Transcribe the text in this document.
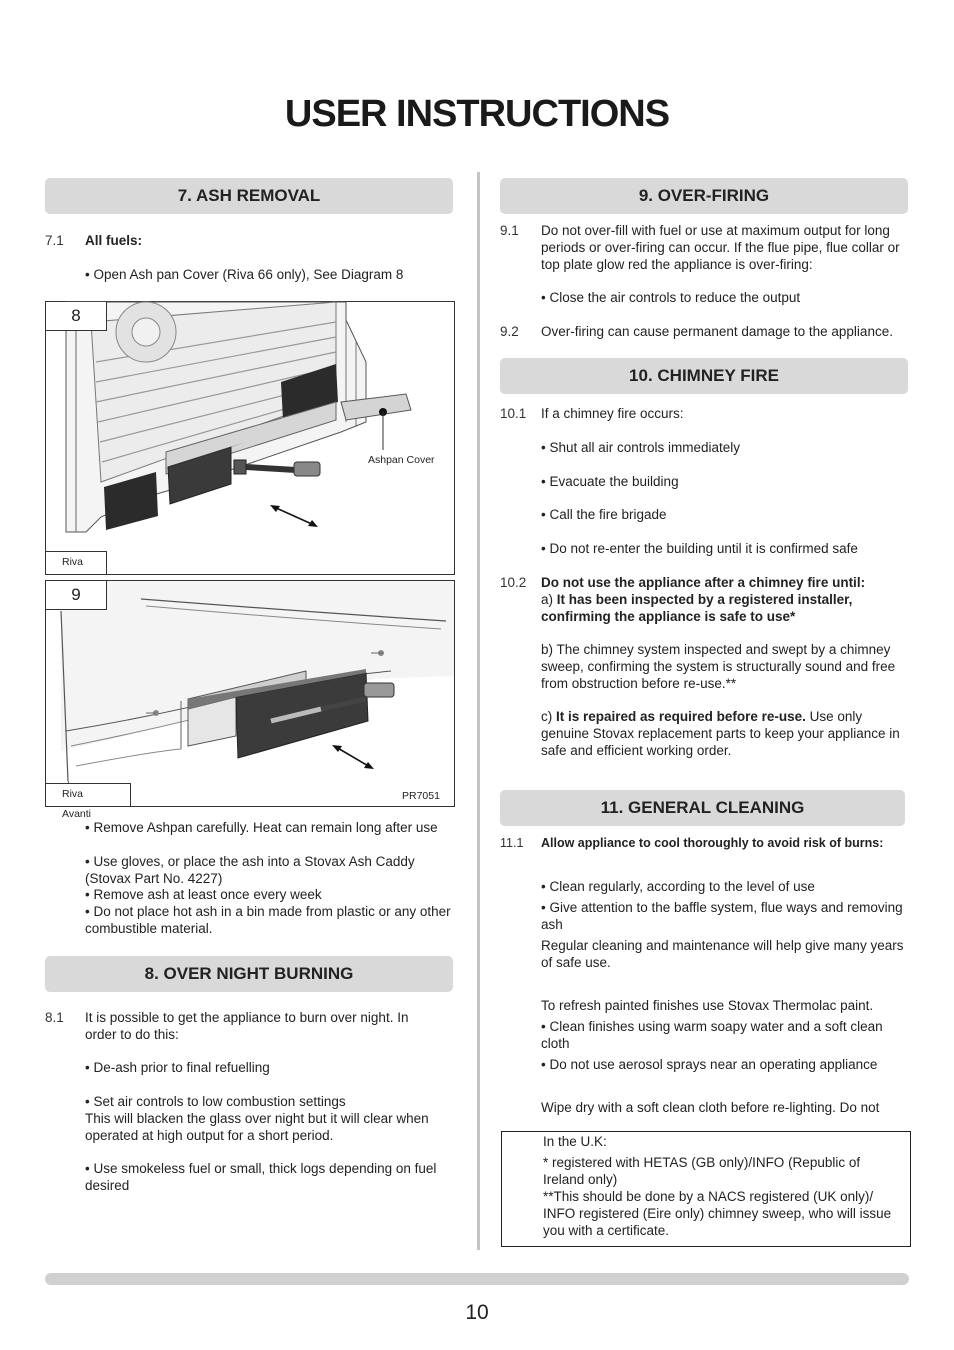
USER INSTRUCTIONS
7. ASH REMOVAL
7.1	All fuels:
• Open Ash pan Cover (Riva 66 only), See Diagram 8
8
Ashpan Cover
Riva
9
Riva Avanti
PR7051
• Remove Ashpan carefully. Heat can remain long after use
• Use gloves, or place the ash into a Stovax Ash Caddy (Stovax Part No. 4227)
• Remove ash at least once every week
• Do not place hot ash in a bin made from plastic or any other combustible material.
8. OVER NIGHT BURNING
8.1	It is possible to get the appliance to burn over night. In order to do this:
• De-ash prior to final refuelling
• Set air controls to low combustion settings
This will blacken the glass over night but it will clear when operated at high output for a short period.
• Use smokeless fuel or small, thick logs depending on fuel desired
9. OVER-FIRING
9.1	Do not over-fill with fuel or use at maximum output for long periods or over-firing can occur. If the flue pipe, flue collar or top plate glow red the appliance is over-firing:
• Close the air controls to reduce the output
9.2	Over-firing can cause permanent damage to the appliance.
10. CHIMNEY FIRE
10.1	If a chimney fire occurs:
• Shut all air controls immediately
• Evacuate the building
• Call the fire brigade
• Do not re-enter the building until it is confirmed safe
10.2	Do not use the appliance after a chimney fire until:
a) It has been inspected by a registered installer, confirming the appliance is safe to use*
b) The chimney system inspected and swept by a chimney sweep, confirming the system is structurally sound and free from obstruction before re-use.**
c) It is repaired as required before re-use. Use only genuine Stovax replacement parts to keep your appliance in safe and efficient working order.
11. GENERAL CLEANING
11.1	Allow appliance to cool thoroughly to avoid risk of burns:
• Clean regularly, according to the level of use
• Give attention to the baffle system, flue ways and removing ash
Regular cleaning and maintenance will help give many years of safe use.
To refresh painted finishes use Stovax Thermolac paint.
• Clean finishes using warm soapy water and a soft clean cloth
• Do not use aerosol sprays near an operating appliance
Wipe dry with a soft clean cloth before re-lighting. Do not
In the U.K:
* registered with HETAS (GB only)/INFO (Republic of Ireland only)
**This should be done by a NACS registered (UK only)/ INFO registered (Eire only) chimney sweep, who will issue you with a certificate.
10
